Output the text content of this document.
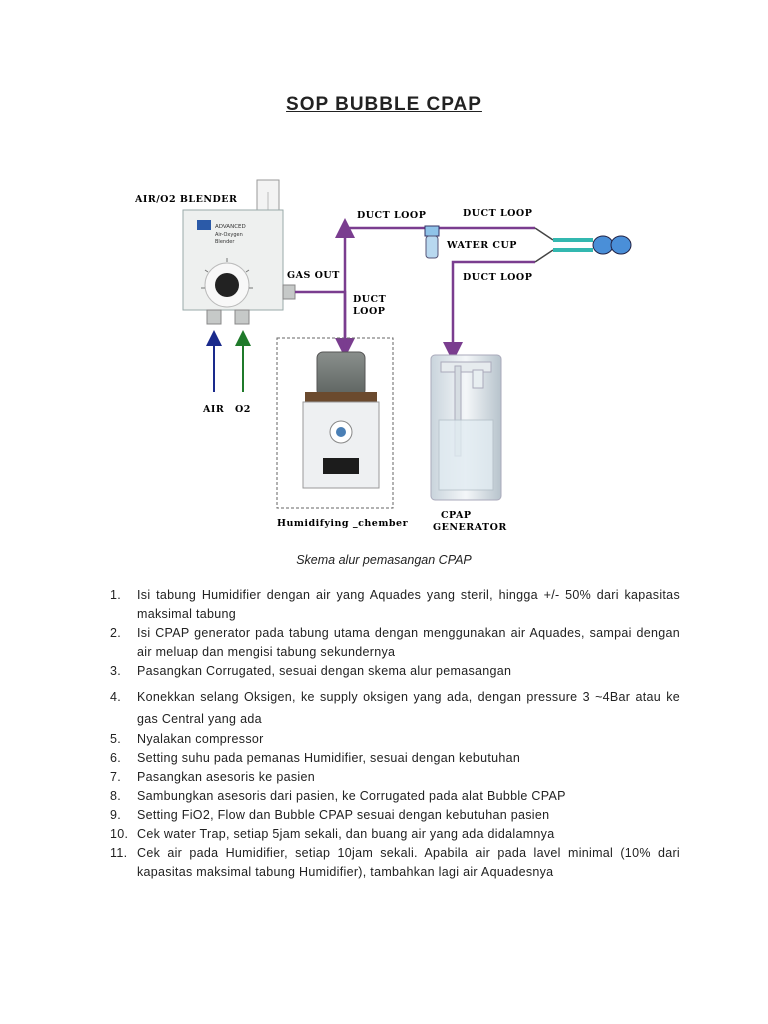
SOP BUBBLE CPAP
AIR/O2 BLENDER
ADVANCED
Air-Oxygen
Blender
AIR O2
GAS OUT
DUCT
LOOP
DUCT LOOP	DUCT LOOP
WATER CUP
DUCT LOOP
CPAP
GENERATOR
Humidifying _chember
Skema alur pemasangan CPAP
1. Isi tabung Humidifier dengan air yang Aquades yang steril, hingga +/- 50% dari kapasitas maksimal tabung
2. Isi CPAP generator pada tabung utama dengan menggunakan air Aquades, sampai dengan air meluap dan mengisi tabung sekundernya
3. Pasangkan Corrugated, sesuai dengan skema alur pemasangan
4. Konekkan selang Oksigen, ke supply oksigen yang ada, dengan pressure 3 ~4Bar atau ke gas Central yang ada
5. Nyalakan compressor
6. Setting suhu pada pemanas Humidifier, sesuai dengan kebutuhan
7. Pasangkan asesoris ke pasien
8. Sambungkan asesoris dari pasien, ke Corrugated pada alat Bubble CPAP
9. Setting FiO2, Flow dan Bubble CPAP sesuai dengan kebutuhan pasien
10. Cek water Trap, setiap 5jam sekali, dan buang air yang ada didalamnya
11. Cek air pada Humidifier, setiap 10jam sekali. Apabila air pada lavel minimal (10% dari kapasitas maksimal tabung Humidifier), tambahkan lagi air Aquadesnya
